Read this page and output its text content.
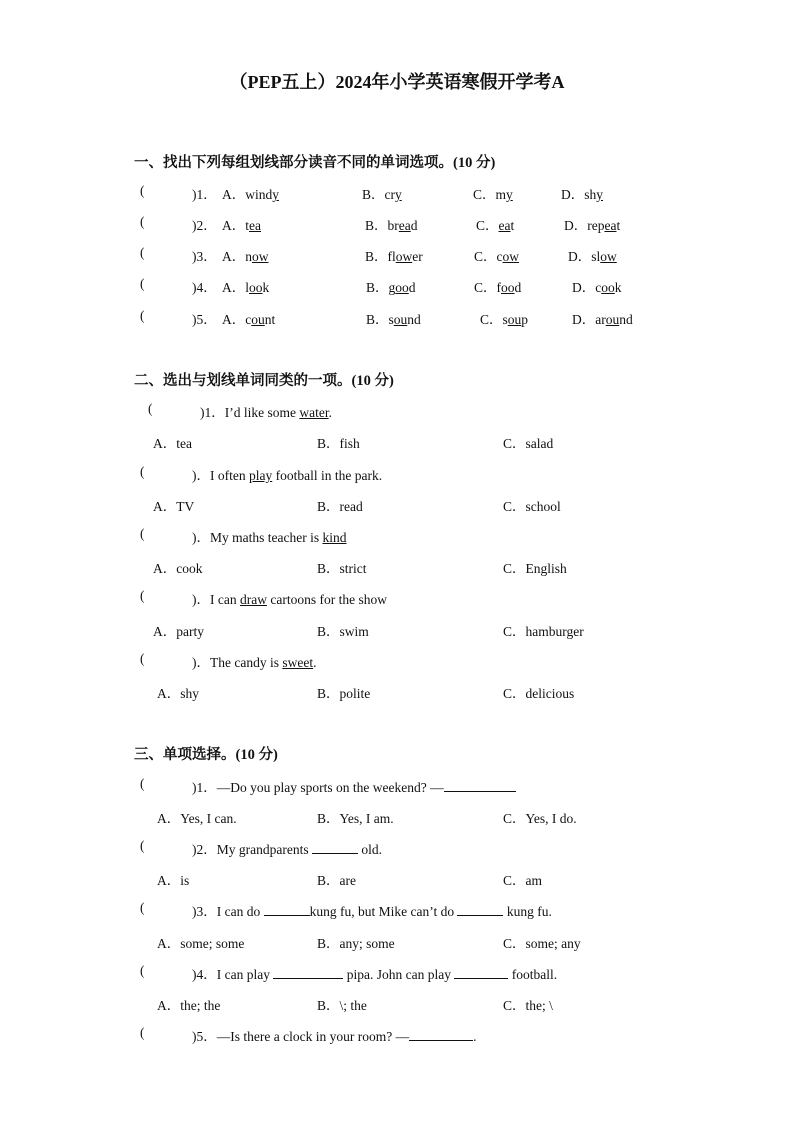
（PEP五上）2024年小学英语寒假开学考A
一、找出下列每组划线部分读音不同的单词选项。(10 分)
(	)1． A．windy	B．cry	C．my	D．shy
(	)2． A．tea	B．bread	C．eat	D．repeat
(	)3． A．now	B．flower	C．cow	D．slow
(	)4． A．look	B．good	C．food	D．cook
(	)5． A．count	B．sound	C．soup	D．around
二、选出与划线单词同类的一项。(10 分)
(	)1．I’d like some water.
A．tea	B．fish	C．salad
(	)．I often play football in the park.
A．TV	B．read	C．school
(	)．My maths teacher is kind
A．cook	B．strict	C．English
(	)．I can draw cartoons for the show
A．party	B．swim	C．hamburger
(	)．The candy is sweet.
A．shy	B．polite	C．delicious
三、单项选择。(10 分)
(	)1．—Do you play sports on the weekend? —
A．Yes, I can.	B．Yes, I am.	C．Yes, I do.
(	)2．My grandparents	old.
A．is	B．are	C．am
(	)3．I can do	kung fu, but Mike can’t do	kung fu.
A．some; some	B．any; some	C．some; any
(	)4．I can play	pipa. John can play	football.
A．the; the	B．\; the	C．the; \
(	)5．—Is there a clock in your room? —	.
